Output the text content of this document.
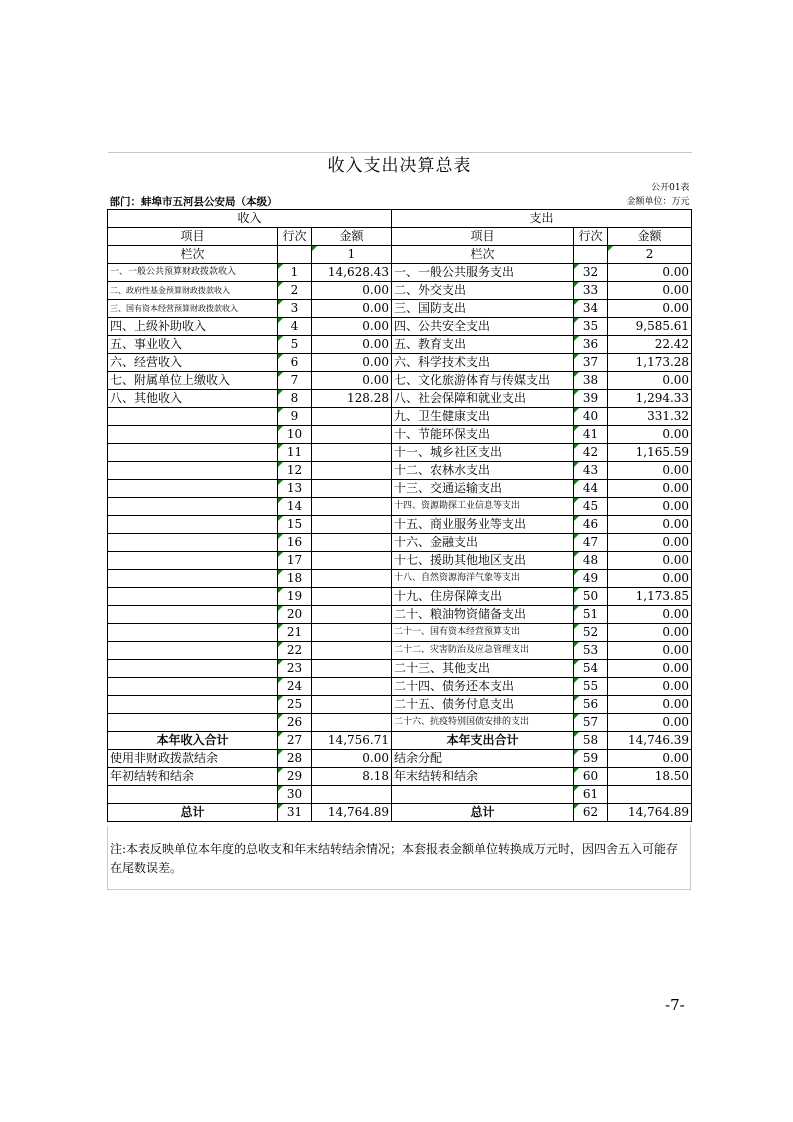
收入支出决算总表					
公开01表					
部门：蚌埠市五河县公安局（本级）				金额单位：万元	
收入			支出		
项目	行次	金额	项目	行次	金额
栏次		1	栏次		2
一、一般公共预算财政拨款收入	1	14,628.43	一、一般公共服务支出	32	0.00
二、政府性基金预算财政拨款收入	2	0.00	二、外交支出	33	0.00
三、国有资本经营预算财政拨款收入	3	0.00	三、国防支出	34	0.00
四、上级补助收入	4	0.00	四、公共安全支出	35	9,585.61
五、事业收入	5	0.00	五、教育支出	36	22.42
六、经营收入	6	0.00	六、科学技术支出	37	1,173.28
七、附属单位上缴收入	7	0.00	七、文化旅游体育与传媒支出	38	0.00
八、其他收入	8	128.28	八、社会保障和就业支出	39	1,294.33
	9		九、卫生健康支出	40	331.32
	10		十、节能环保支出	41	0.00
	11		十一、城乡社区支出	42	1,165.59
	12		十二、农林水支出	43	0.00
	13		十三、交通运输支出	44	0.00
	14		十四、资源勘探工业信息等支出	45	0.00
	15		十五、商业服务业等支出	46	0.00
	16		十六、金融支出	47	0.00
	17		十七、援助其他地区支出	48	0.00
	18		十八、自然资源海洋气象等支出	49	0.00
	19		十九、住房保障支出	50	1,173.85
	20		二十、粮油物资储备支出	51	0.00
	21		二十一、国有资本经营预算支出	52	0.00
	22		二十二、灾害防治及应急管理支出	53	0.00
	23		二十三、其他支出	54	0.00
	24		二十四、债务还本支出	55	0.00
	25		二十五、债务付息支出	56	0.00
	26		二十六、抗疫特别国债安排的支出	57	0.00
本年收入合计	27	14,756.71	本年支出合计	58	14,746.39
使用非财政拨款结余	28	0.00	结余分配	59	0.00
年初结转和结余	29	8.18	年末结转和结余	60	18.50
	30			61	
总计	31	14,764.89	总计	62	14,764.89
注:本表反映单位本年度的总收支和年末结转结余情况；本套报表金额单位转换成万元时，因四舍五入可能存在尾数误差。
-7-
